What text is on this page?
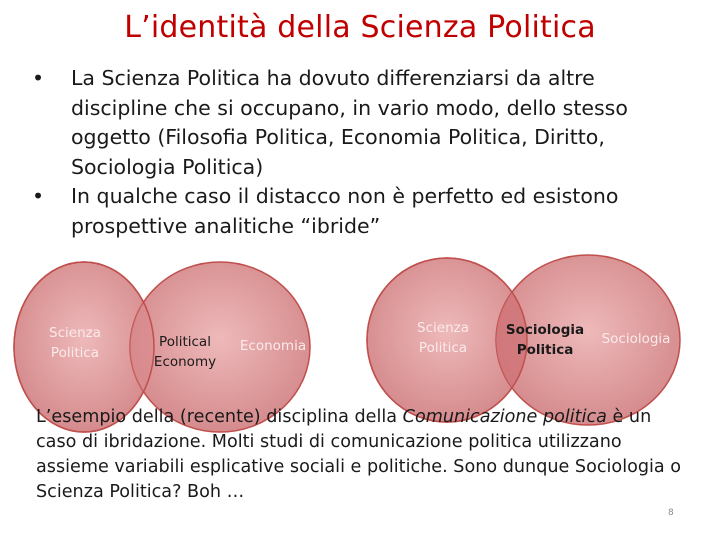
L’identità della Scienza Politica
• La Scienza Politica ha dovuto differenziarsi da altre discipline che si occupano, in vario modo, dello stesso oggetto (Filosofia Politica, Economia Politica, Diritto, Sociologia Politica)
• In qualche caso il distacco non è perfetto ed esistono prospettive analitiche “ibride”
Scienza
Politica
Political
Economy
Economia
Scienza
Politica
Sociologia
Politica
Sociologia
L’esempio della (recente) disciplina della Comunicazione politica è un caso di ibridazione. Molti studi di comunicazione politica utilizzano assieme variabili esplicative sociali e politiche. Sono dunque Sociologia o Scienza Politica? Boh …
8
